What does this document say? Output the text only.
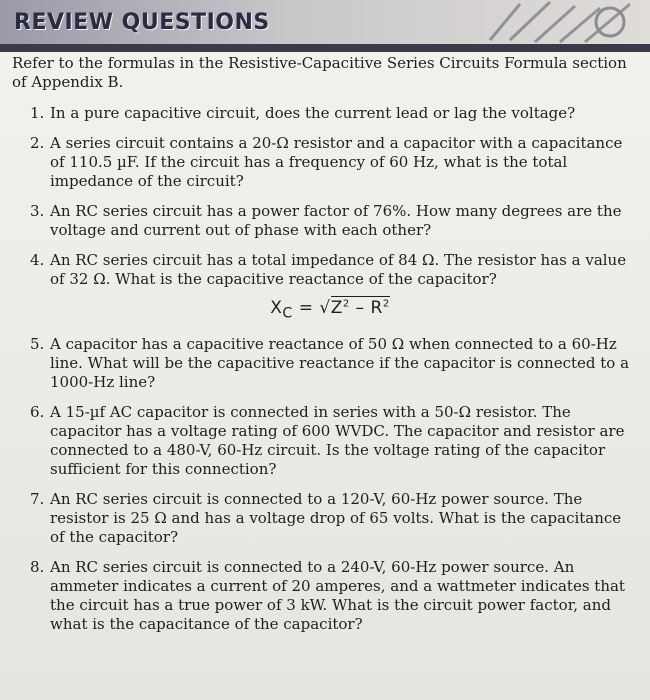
REVIEW QUESTIONS
Refer to the formulas in the Resistive-Capacitive Series Circuits Formula section of Appendix B.
1. In a pure capacitive circuit, does the current lead or lag the voltage?
2. A series circuit contains a 20-Ω resistor and a capacitor with a capacitance of 110.5 µF. If the circuit has a frequency of 60 Hz, what is the total impedance of the circuit?
3. An RC series circuit has a power factor of 76%. How many degrees are the voltage and current out of phase with each other?
4. An RC series circuit has a total impedance of 84 Ω. The resistor has a value of 32 Ω. What is the capacitive reactance of the capacitor?
$X_C = √Z^2 - R^2$
5. A capacitor has a capacitive reactance of 50 Ω when connected to a 60-Hz line. What will be the capacitive reactance if the capacitor is connected to a 1000-Hz line?
6. A 15-µf AC capacitor is connected in series with a 50-Ω resistor. The capacitor has a voltage rating of 600 WVDC. The capacitor and resistor are connected to a 480-V, 60-Hz circuit. Is the voltage rating of the capacitor sufficient for this connection?
7. An RC series circuit is connected to a 120-V, 60-Hz power source. The resistor is 25 Ω and has a voltage drop of 65 volts. What is the capacitance of the capacitor?
8. An RC series circuit is connected to a 240-V, 60-Hz power source. An ammeter indicates a current of 20 amperes, and a wattmeter indicates that the circuit has a true power of 3 kW. What is the circuit power factor, and what is the capacitance of the capacitor?
